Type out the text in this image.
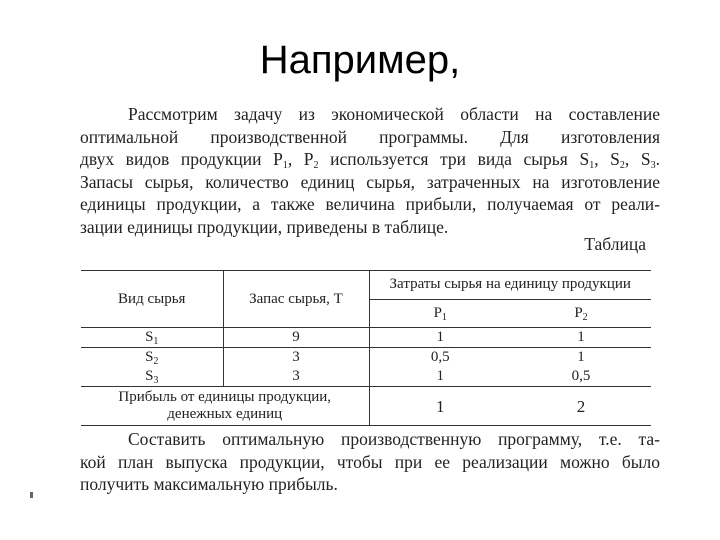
Например,
Рассмотрим задачу из экономической области на составление
оптимальной производственной программы. Для изготовления
двух видов продукции $P_1$, $P_2$ используется три вида сырья $S_1$, $S_2$, $S_3$.
Запасы сырья, количество единиц сырья, затраченных на изготовление
единицы продукции, а также величина прибыли, получаемая от реали-
зации единицы продукции, приведены в таблице.
Таблица
Вид сырья	Запас сырья, Т	Затраты сырья на единицу продукции	
		$P_1$	$P_2$
$S_1$	9	1	1
$S_2$	3	0,5	1
$S_3$	3	1	0,5
Прибыль от единицы продукции,
денежных единиц		1	2
Составить оптимальную производственную программу, т.е. та-
кой план выпуска продукции, чтобы при ее реализации можно было
получить максимальную прибыль.
